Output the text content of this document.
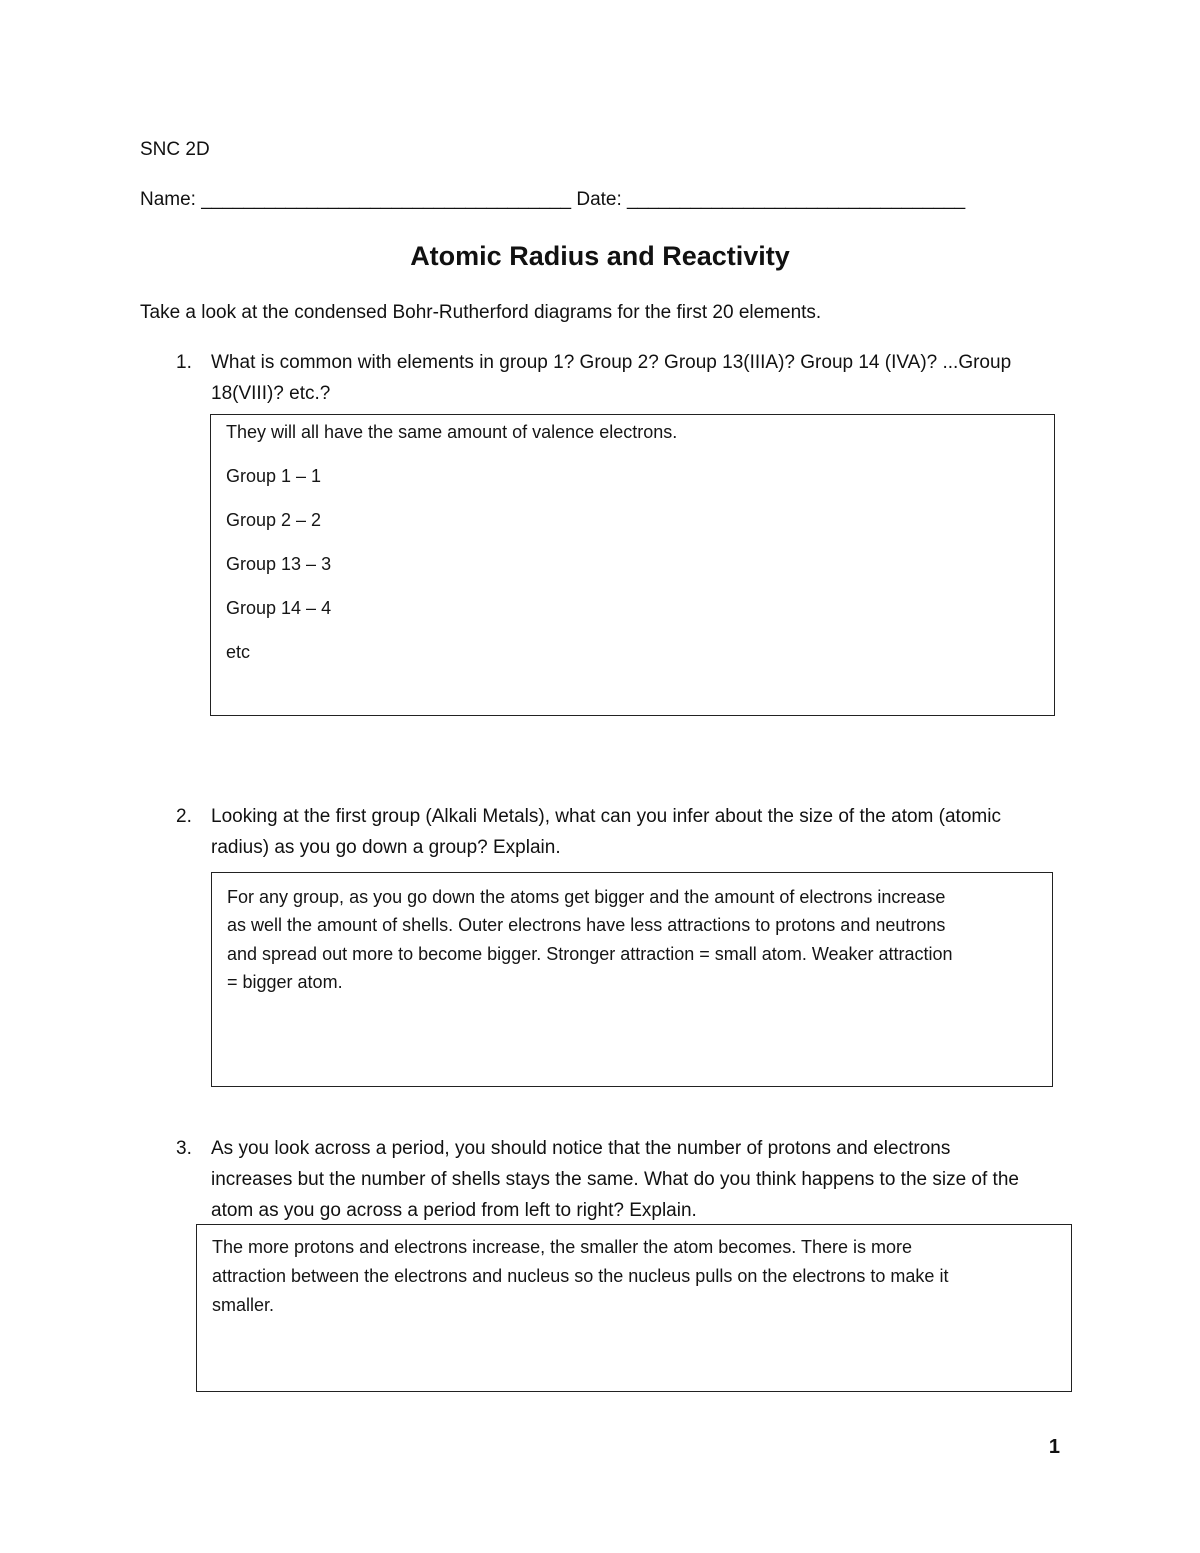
SNC 2D
Name: ___________________________________ Date: ________________________________
Atomic Radius and Reactivity
Take a look at the condensed Bohr-Rutherford diagrams for the first 20 elements.
1. What is common with elements in group 1? Group 2? Group 13(IIIA)? Group 14 (IVA)? ...Group
18(VIII)? etc.?
They will all have the same amount of valence electrons.
Group 1 – 1
Group 2 – 2
Group 13 – 3
Group 14 – 4
etc
2. Looking at the first group (Alkali Metals), what can you infer about the size of the atom (atomic
radius) as you go down a group? Explain.
For any group, as you go down the atoms get bigger and the amount of electrons increase
as well the amount of shells. Outer electrons have less attractions to protons and neutrons
and spread out more to become bigger. Stronger attraction = small atom. Weaker attraction
= bigger atom.
3. As you look across a period, you should notice that the number of protons and electrons
increases but the number of shells stays the same. What do you think happens to the size of the
atom as you go across a period from left to right? Explain.
The more protons and electrons increase, the smaller the atom becomes. There is more
attraction between the electrons and nucleus so the nucleus pulls on the electrons to make it
smaller.
1
